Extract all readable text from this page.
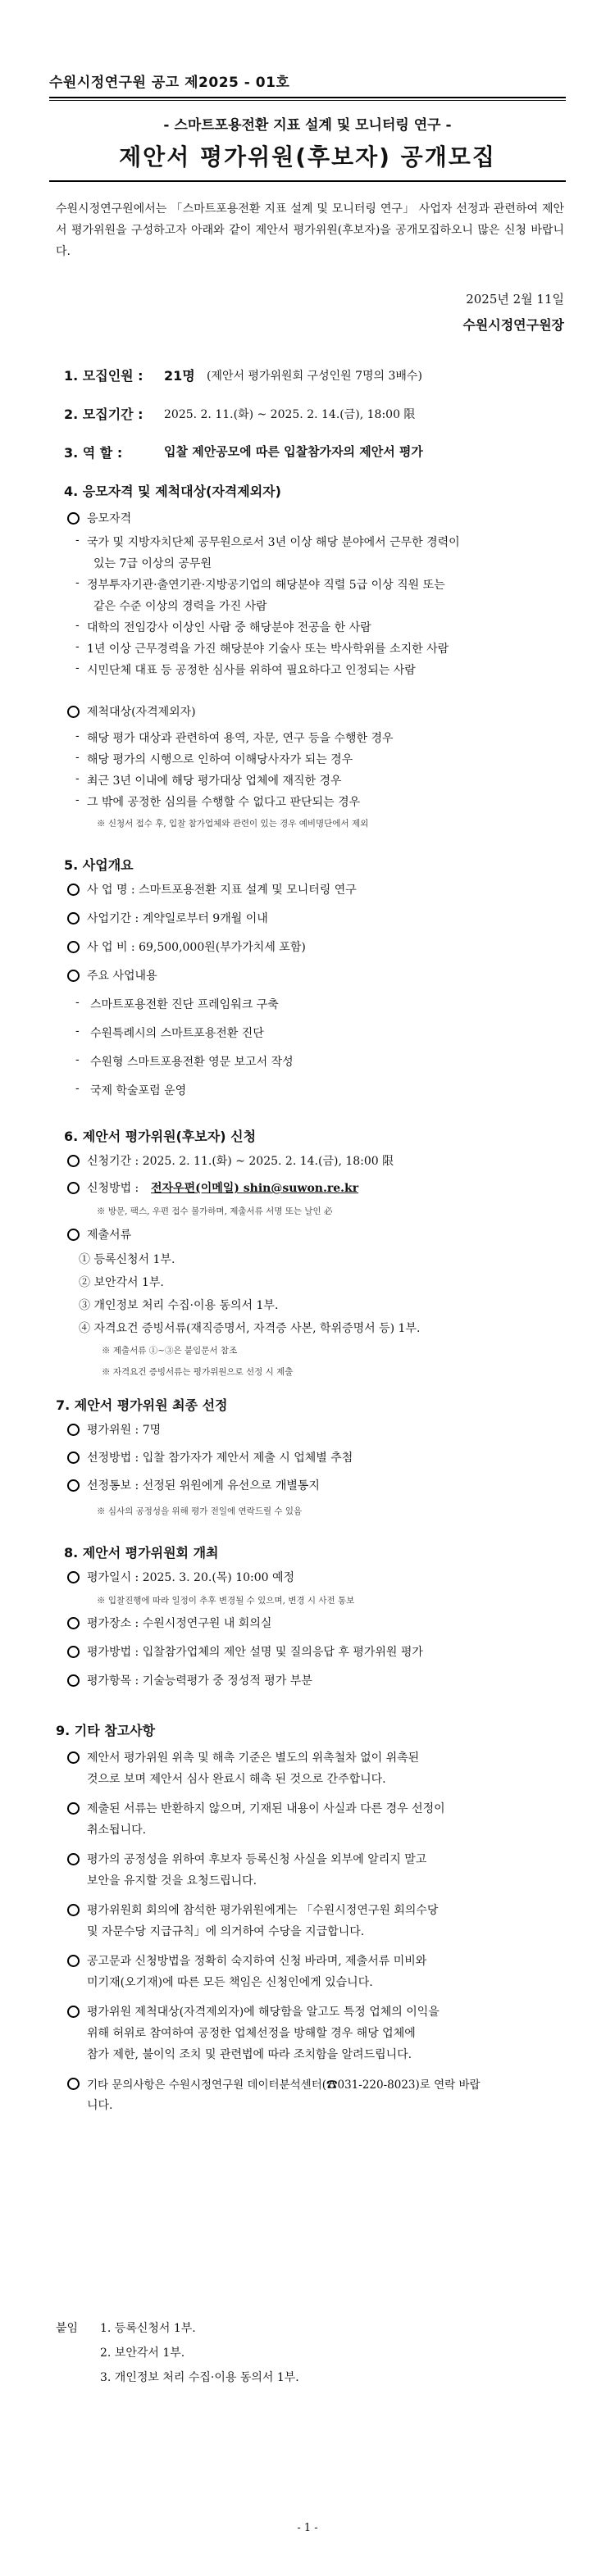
수원시정연구원 공고 제2025 - 01호
- 스마트포용전환 지표 설계 및 모니터링 연구 -
제안서 평가위원(후보자) 공개모집
수원시정연구원에서는 「스마트포용전환 지표 설계 및 모니터링 연구」 사업자 선정과 관련하여 제안서 평가위원을 구성하고자 아래와 같이 제안서 평가위원(후보자)을 공개모집하오니 많은 신청 바랍니다.
2025년 2월 11일
수원시정연구원장
1. 모집인원 : 21명 (제안서 평가위원회 구성인원 7명의 3배수)
2. 모집기간 : 2025. 2. 11.(화) ~ 2025. 2. 14.(금), 18:00 限
3. 역 할 :	입찰 제안공모에 따른 입찰참가자의 제안서 평가
4. 응모자격 및 제척대상(자격제외자)
응모자격
- 국가 및 지방자치단체 공무원으로서 3년 이상 해당 분야에서 근무한 경력이
있는 7급 이상의 공무원
- 정부투자기관·출연기관·지방공기업의 해당분야 직렬 5급 이상 직원 또는
같은 수준 이상의 경력을 가진 사람
- 대학의 전임강사 이상인 사람 중 해당분야 전공을 한 사람
- 1년 이상 근무경력을 가진 해당분야 기술사 또는 박사학위를 소지한 사람
- 시민단체 대표 등 공정한 심사를 위하여 필요하다고 인정되는 사람
제척대상(자격제외자)
- 해당 평가 대상과 관련하여 용역, 자문, 연구 등을 수행한 경우
- 해당 평가의 시행으로 인하여 이해당사자가 되는 경우
- 최근 3년 이내에 해당 평가대상 업체에 재직한 경우
- 그 밖에 공정한 심의를 수행할 수 없다고 판단되는 경우
※ 신청서 접수 후, 입찰 참가업체와 관련이 있는 경우 예비명단에서 제외
5. 사업개요
사 업 명 : 스마트포용전환 지표 설계 및 모니터링 연구
사업기간 : 계약일로부터 9개월 이내
사 업 비 : 69,500,000원(부가가치세 포함)
주요 사업내용
- 스마트포용전환 진단 프레임워크 구축
- 수원특례시의 스마트포용전환 진단
- 수원형 스마트포용전환 영문 보고서 작성
- 국제 학술포럼 운영
6. 제안서 평가위원(후보자) 신청
신청기간 : 2025. 2. 11.(화) ~ 2025. 2. 14.(금), 18:00 限
신청방법 : 전자우편(이메일) shin@suwon.re.kr
※ 방문, 팩스, 우편 접수 불가하며, 제출서류 서명 또는 날인 必
제출서류
① 등록신청서 1부.
② 보안각서 1부.
③ 개인정보 처리 수집·이용 동의서 1부.
④ 자격요건 증빙서류(재직증명서, 자격증 사본, 학위증명서 등) 1부.
※ 제출서류 ①~③은 붙임문서 참조
※ 자격요건 증빙서류는 평가위원으로 선정 시 제출
7. 제안서 평가위원 최종 선정
평가위원 : 7명
선정방법 : 입찰 참가자가 제안서 제출 시 업체별 추첨
선정통보 : 선정된 위원에게 유선으로 개별통지
※ 심사의 공정성을 위해 평가 전일에 연락드릴 수 있음
8. 제안서 평가위원회 개최
평가일시 : 2025. 3. 20.(목) 10:00 예정
※ 입찰진행에 따라 일정이 추후 변경될 수 있으며, 변경 시 사전 통보
평가장소 : 수원시정연구원 내 회의실
평가방법 : 입찰참가업체의 제안 설명 및 질의응답 후 평가위원 평가
평가항목 : 기술능력평가 중 정성적 평가 부분
9. 기타 참고사항
제안서 평가위원 위촉 및 해촉 기준은 별도의 위촉철차 없이 위촉된
것으로 보며 제안서 심사 완료시 해촉 된 것으로 간주합니다.
제출된 서류는 반환하지 않으며, 기재된 내용이 사실과 다른 경우 선정이
취소됩니다.
평가의 공정성을 위하여 후보자 등록신청 사실을 외부에 알리지 말고
보안을 유지할 것을 요청드립니다.
평가위원회 회의에 참석한 평가위원에게는 「수원시정연구원 회의수당
및 자문수당 지급규칙」에 의거하여 수당을 지급합니다.
공고문과 신청방법을 정확히 숙지하여 신청 바라며, 제출서류 미비와
미기재(오기재)에 따른 모든 책임은 신청인에게 있습니다.
평가위원 제척대상(자격제외자)에 해당함을 알고도 특정 업체의 이익을
위해 허위로 참여하여 공정한 업체선정을 방해할 경우 해당 업체에
참가 제한, 불이익 조치 및 관련법에 따라 조치함을 알려드립니다.
기타 문의사항은 수원시정연구원 데이터분석센터(☎031-220-8023)로 연락 바랍
니다.
붙임 1. 등록신청서 1부.
2. 보안각서 1부.
3. 개인정보 처리 수집·이용 동의서 1부.
- 1 -
